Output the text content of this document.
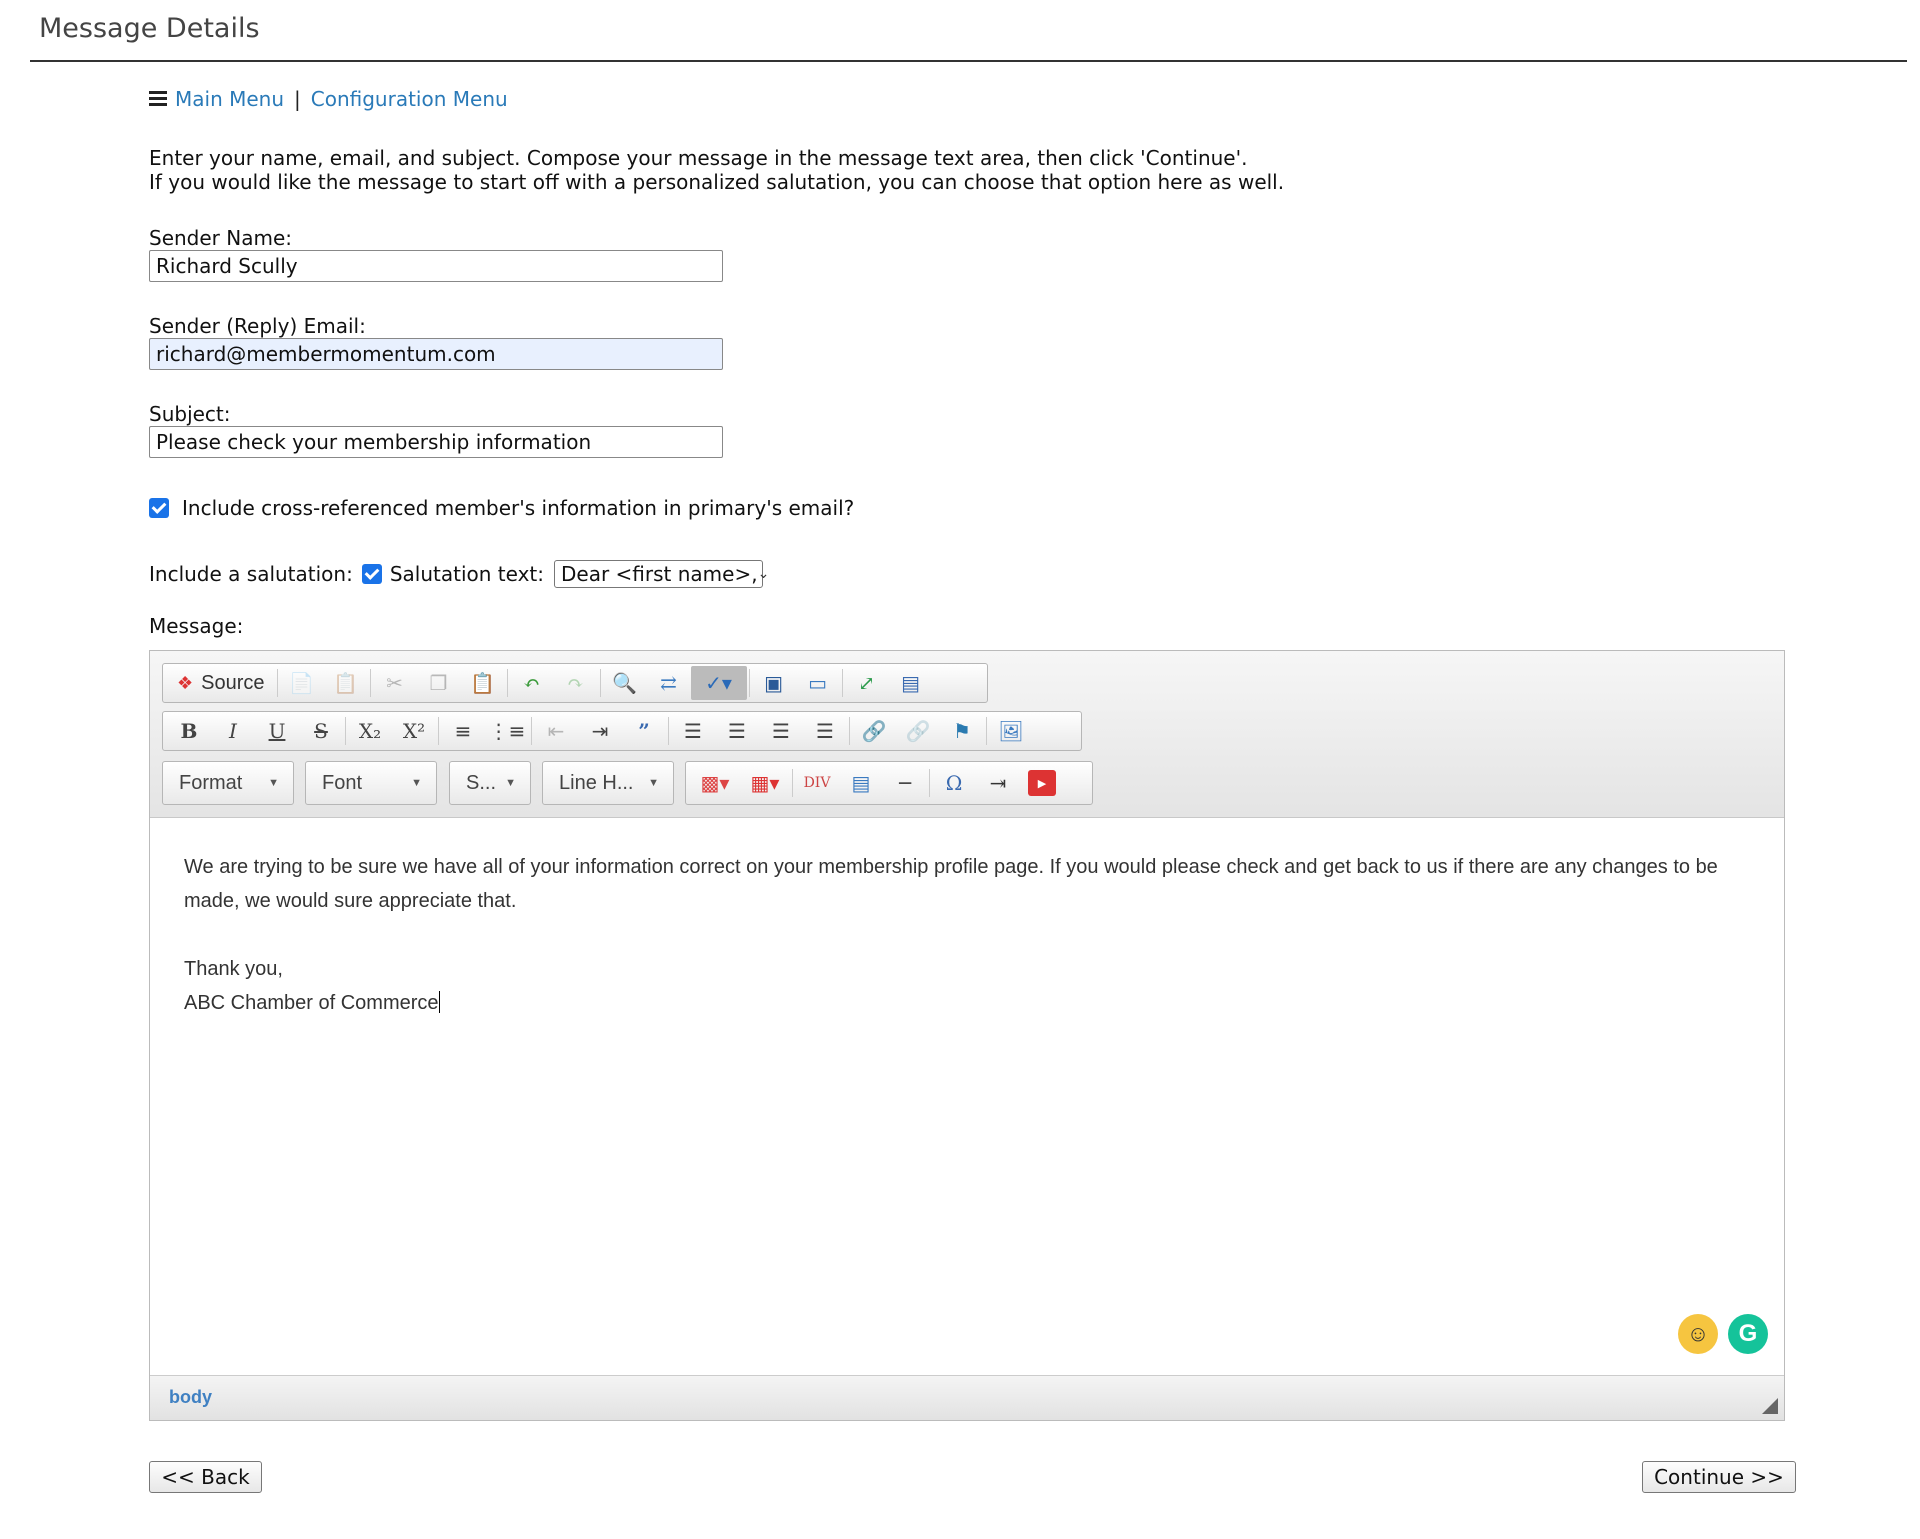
Message Details
Main Menu | Configuration Menu
Enter your name, email, and subject. Compose your message in the message text area, then click 'Continue'.
If you would like the message to start off with a personalized salutation, you can choose that option here as well.
Sender Name:
Richard Scully
Sender (Reply) Email:
richard@membermomentum.com
Subject:
Please check your membership information
Include cross-referenced member's information in primary's email?
Include a salutation: Salutation text: Dear <first name>, ⌄
Message:
❖ Source	📄 📋	✂	❐	📋	↶	↷	🔍	⇄	✓▾	▣	▭	⤢	▤
B	I	U	S	X₂	X²	≡ ⋮≡	⇤	⇥	”	☰	☰	☰	☰	🔗 🔗	⚑	🖼
Format ▼ Font	▼ S... ▼ Line H... ▼	▩▾	▦▾	DIV	▤	─	Ω	⇥	▶

We are trying to be sure we have all of your information correct on your membership profile page. If you would please check and get back to us if there are any changes to be made, we would sure appreciate that.

Thank you,

ABC Chamber of Commerce

☺	G
body
<< Back	Continue >>
